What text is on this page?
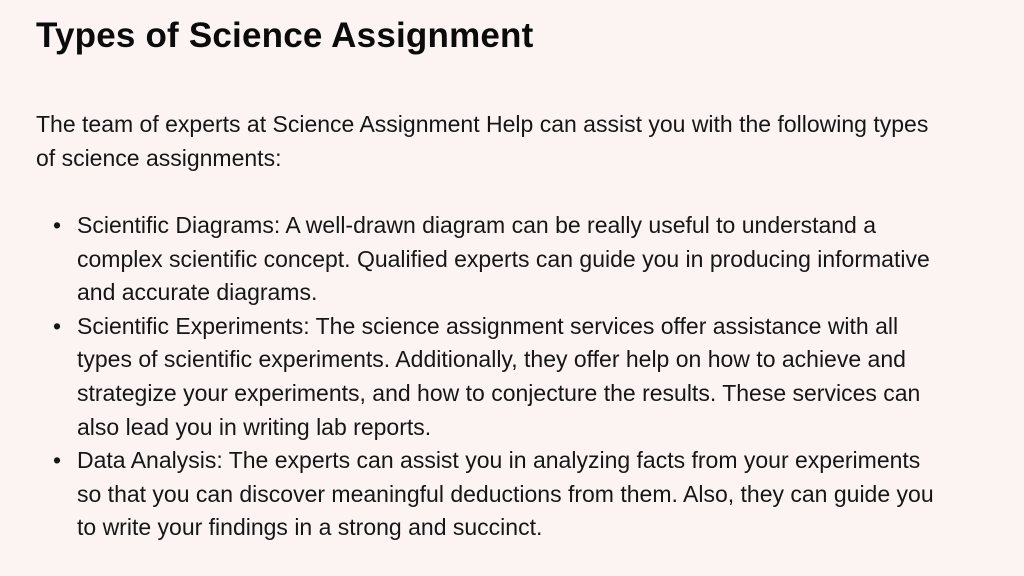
Types of Science Assignment

The team of experts at Science Assignment Help can assist you with the following types of science assignments:

• Scientific Diagrams: A well-drawn diagram can be really useful to understand a complex scientific concept. Qualified experts can guide you in producing informative and accurate diagrams.
• Scientific Experiments: The science assignment services offer assistance with all types of scientific experiments. Additionally, they offer help on how to achieve and strategize your experiments, and how to conjecture the results. These services can also lead you in writing lab reports.
• Data Analysis: The experts can assist you in analyzing facts from your experiments so that you can discover meaningful deductions from them. Also, they can guide you to write your findings in a strong and succinct.
